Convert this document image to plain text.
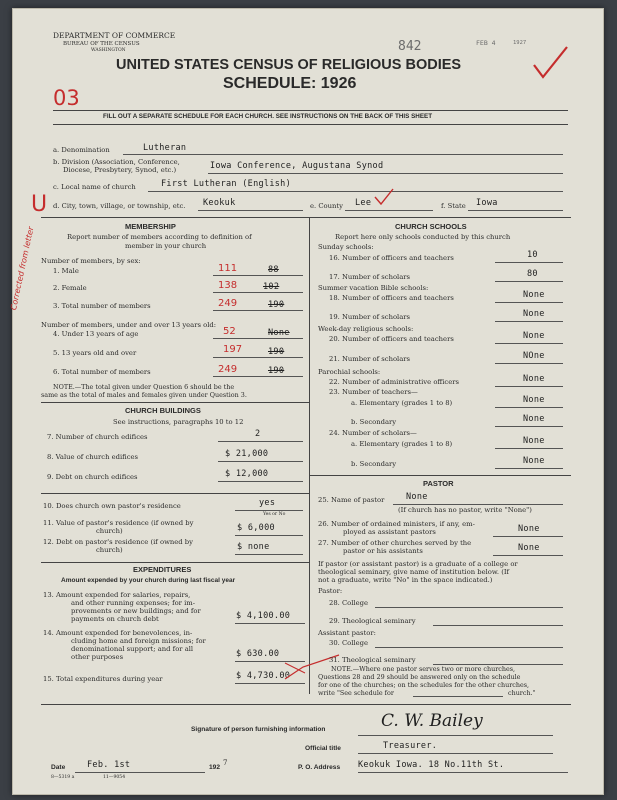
DEPARTMENT OF COMMERCE
BUREAU OF THE CENSUS
WASHINGTON	842	FEB 4	1927
UNITED STATES CENSUS OF RELIGIOUS BODIES
SCHEDULE: 1926
03
FILL OUT A SEPARATE SCHEDULE FOR EACH CHURCH. SEE INSTRUCTIONS ON THE BACK OF THIS SHEET
U
a. Denomination	Lutheran
b. Division (Association, Conference,
Diocese, Presbytery, Synod, etc.)	Iowa Conference, Augustana Synod
c. Local name of church	First Lutheran (English)
d. City, town, village, or township, etc. Keokuk	e. County Lee	f. State Iowa
MEMBERSHIP
Report number of members according to definition of
member in your church
Number of members, by sex:
1. Male	111	88
2. Female	138	102
3. Total number of members	249	190
Number of members, under and over 13 years old:
4. Under 13 years of age	52	None
5. 13 years old and over	197	190
6. Total number of members	249	190
NOTE.—The total given under Question 6 should be the
same as the total of males and females given under Question 3.
Corrected from letter
CHURCH BUILDINGS
See instructions, paragraphs 10 to 12
7. Number of church edifices	2
8. Value of church edifices	$ 21,000
9. Debt on church edifices	$ 12,000
10. Does church own pastor's residence	yes
Yes or No
11. Value of pastor's residence (if owned by
church)	$ 6,000
12. Debt on pastor's residence (if owned by
church)	$ none
EXPENDITURES
Amount expended by your church during last fiscal year
13. Amount expended for salaries, repairs,
and other running expenses; for im-
provements or new buildings; and for
payments on church debt	$ 4,100.00
14. Amount expended for benevolences, in-
cluding home and foreign missions; for
denominational support; and for all
other purposes	$ 630.00
15. Total expenditures during year	$ 4,730.00
CHURCH SCHOOLS
Report here only schools conducted by this church
Sunday schools:
16. Number of officers and teachers	10
17. Number of scholars	80
Summer vacation Bible schools:
18. Number of officers and teachers	None
19. Number of scholars	None
Week-day religious schools:
20. Number of officers and teachers	None
21. Number of scholars	NOne
Parochial schools:
22. Number of administrative officers	None
23. Number of teachers—
a. Elementary (grades 1 to 8)	None
b. Secondary	None
24. Number of scholars—
a. Elementary (grades 1 to 8)	None
b. Secondary	None
PASTOR
25. Name of pastor	None
(If church has no pastor, write "None")
26. Number of ordained ministers, if any, em-
ployed as assistant pastors	None
27. Number of other churches served by the
pastor or his assistants	None
If pastor (or assistant pastor) is a graduate of a college or
theological seminary, give name of institution below. (If
not a graduate, write "No" in the space indicated.)
Pastor:
28. College
29. Theological seminary
Assistant pastor:
30. College
31. Theological seminary
NOTE.—Where one pastor serves two or more churches,
Questions 28 and 29 should be answered only on the schedule
for one of the churches; on the schedules for the other churches,
write "See schedule for	church."
Signature of person furnishing information	C. W. Bailey
Official title	Treasurer.
Date	Feb. 1st	192
7
P. O. Address Keokuk Iowa. 18 No.11th St.
8—5319 a	11—9054
